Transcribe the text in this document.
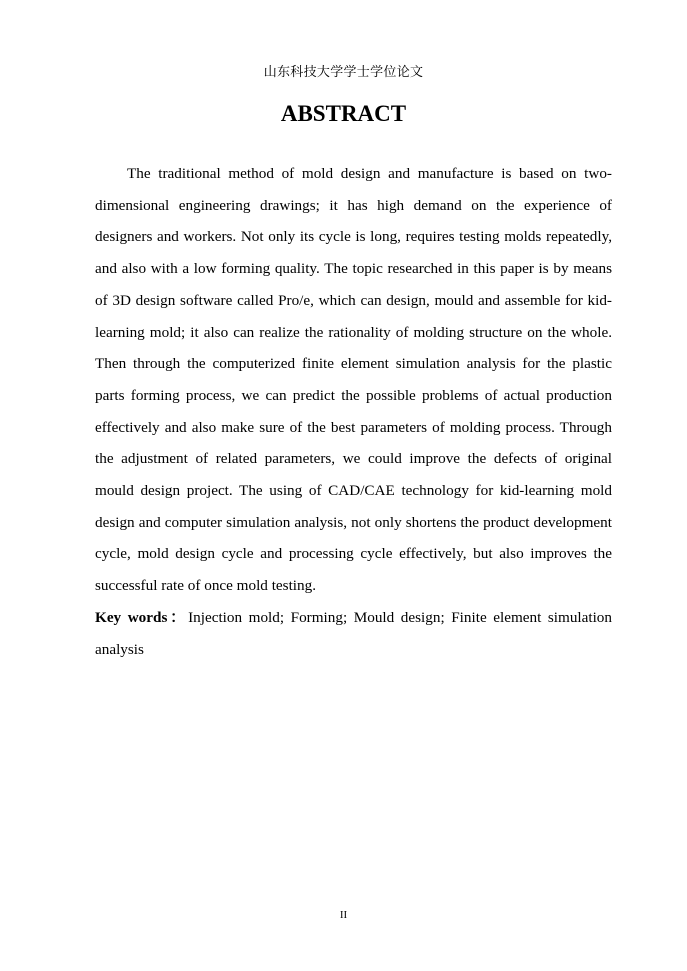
山东科技大学学士学位论文
ABSTRACT

The traditional method of mold design and manufacture is based on two-dimensional engineering drawings; it has high demand on the experience of designers and workers. Not only its cycle is long, requires testing molds repeatedly, and also with a low forming quality. The topic researched in this paper is by means of 3D design software called Pro/e, which can design, mould and assemble for kid-learning mold; it also can realize the rationality of molding structure on the whole. Then through the computerized finite element simulation analysis for the plastic parts forming process, we can predict the possible problems of actual production effectively and also make sure of the best parameters of molding process. Through the adjustment of related parameters, we could improve the defects of original mould design project. The using of CAD/CAE technology for kid-learning mold design and computer simulation analysis, not only shortens the product development cycle, mold design cycle and processing cycle effectively, but also improves the successful rate of once mold testing.

Key words：Injection mold; Forming; Mould design; Finite element simulation analysis

II
